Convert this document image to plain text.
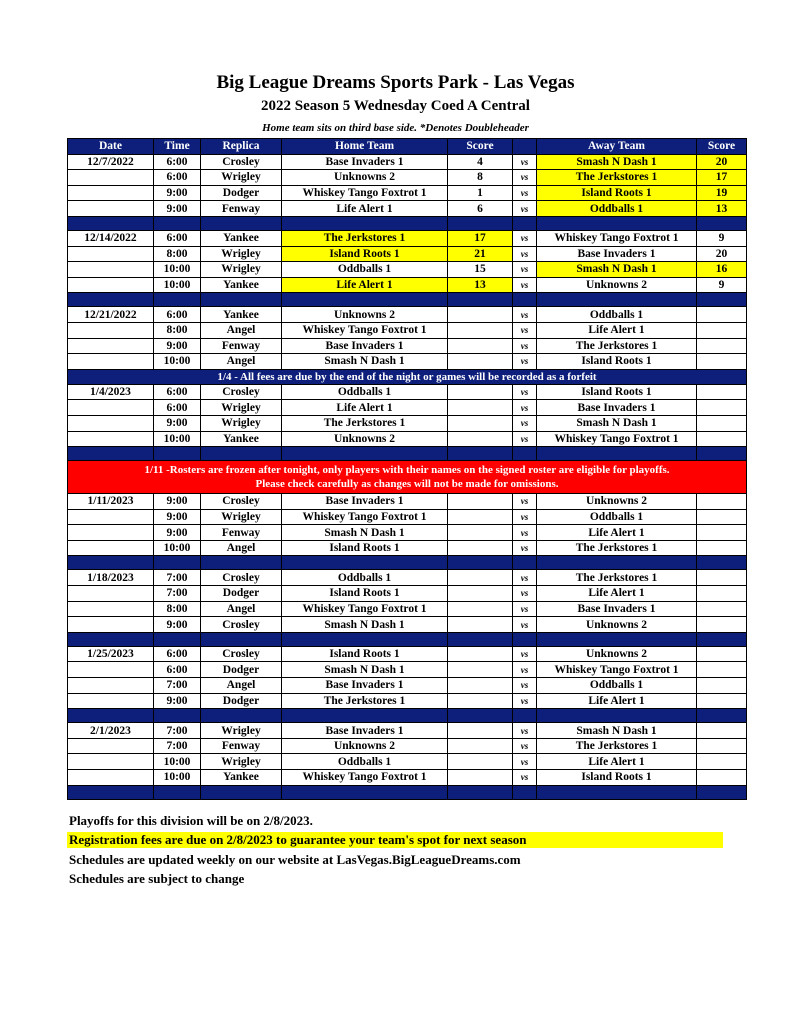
Big League Dreams Sports Park - Las Vegas
2022 Season 5 Wednesday Coed A Central
Home team sits on third base side. *Denotes Doubleheader
Date	Time	Replica	Home Team	Score		Away Team	Score
12/7/2022	6:00	Crosley	Base Invaders 1	4	vs	Smash N Dash 1	20
	6:00	Wrigley	Unknowns 2	8	vs	The Jerkstores 1	17
	9:00	Dodger	Whiskey Tango Foxtrot 1	1	vs	Island Roots 1	19
	9:00	Fenway	Life Alert 1	6	vs	Oddballs 1	13

12/14/2022	6:00	Yankee	The Jerkstores 1	17	vs	Whiskey Tango Foxtrot 1	9
	8:00	Wrigley	Island Roots 1	21	vs	Base Invaders 1	20
	10:00	Wrigley	Oddballs 1	15	vs	Smash N Dash 1	16
	10:00	Yankee	Life Alert 1	13	vs	Unknowns 2	9

12/21/2022	6:00	Yankee	Unknowns 2		vs	Oddballs 1	
	8:00	Angel	Whiskey Tango Foxtrot 1		vs	Life Alert 1	
	9:00	Fenway	Base Invaders 1		vs	The Jerkstores 1	
	10:00	Angel	Smash N Dash 1		vs	Island Roots 1	
1/4 - All fees are due by the end of the night or games will be recorded as a forfeit							
1/4/2023	6:00	Crosley	Oddballs 1		vs	Island Roots 1	
	6:00	Wrigley	Life Alert 1		vs	Base Invaders 1	
	9:00	Wrigley	The Jerkstores 1		vs	Smash N Dash 1	
	10:00	Yankee	Unknowns 2		vs	Whiskey Tango Foxtrot 1	

1/11 -Rosters are frozen after tonight, only players with their names on the signed roster are eligible for playoffs.
Please check carefully as changes will not be made for omissions.							

1/11/2023	9:00	Crosley	Base Invaders 1		vs	Unknowns 2	
	9:00	Wrigley	Whiskey Tango Foxtrot 1		vs	Oddballs 1	
	9:00	Fenway	Smash N Dash 1		vs	Life Alert 1	
	10:00	Angel	Island Roots 1		vs	The Jerkstores 1	

1/18/2023	7:00	Crosley	Oddballs 1		vs	The Jerkstores 1	
	7:00	Dodger	Island Roots 1		vs	Life Alert 1	
	8:00	Angel	Whiskey Tango Foxtrot 1		vs	Base Invaders 1	
	9:00	Crosley	Smash N Dash 1		vs	Unknowns 2	

1/25/2023	6:00	Crosley	Island Roots 1		vs	Unknowns 2	
	6:00	Dodger	Smash N Dash 1		vs	Whiskey Tango Foxtrot 1	
	7:00	Angel	Base Invaders 1		vs	Oddballs 1	
	9:00	Dodger	The Jerkstores 1		vs	Life Alert 1	

2/1/2023	7:00	Wrigley	Base Invaders 1		vs	Smash N Dash 1	
	7:00	Fenway	Unknowns 2		vs	The Jerkstores 1	
	10:00	Wrigley	Oddballs 1		vs	Life Alert 1	
	10:00	Yankee	Whiskey Tango Foxtrot 1		vs	Island Roots 1	

Playoffs for this division will be on 2/8/2023.
Registration fees are due on 2/8/2023 to guarantee your team's spot for next season
Schedules are updated weekly on our website at LasVegas.BigLeagueDreams.com
Schedules are subject to change
